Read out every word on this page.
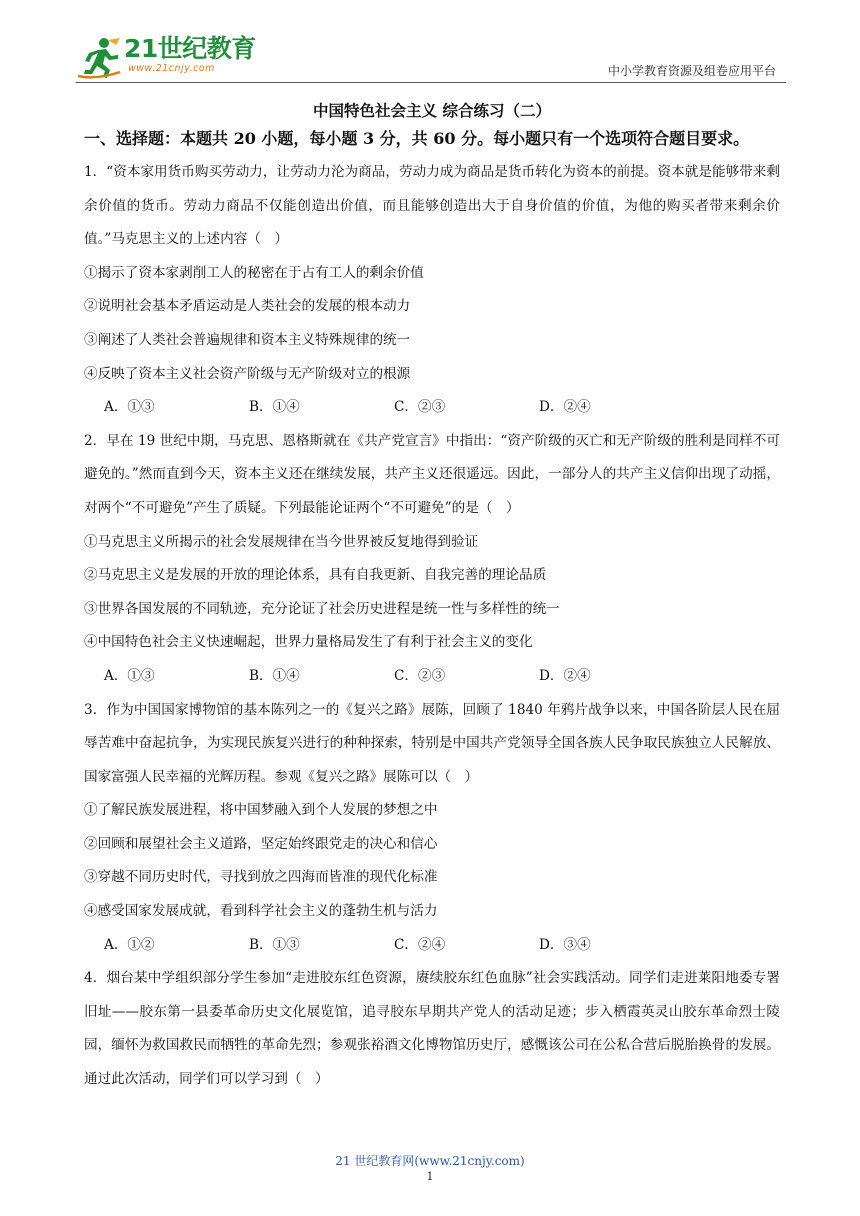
21世纪教育
www.21cnjy.com	中小学教育资源及组卷应用平台
中国特色社会主义 综合练习（二）
一、选择题：本题共 20 小题，每小题 3 分，共 60 分。每小题只有一个选项符合题目要求。
1．“资本家用货币购买劳动力，让劳动力沦为商品，劳动力成为商品是货币转化为资本的前提。资本就是能够带来剩余价值的货币。劳动力商品不仅能创造出价值，而且能够创造出大于自身价值的价值，为他的购买者带来剩余价值。”马克思主义的上述内容（　）
①揭示了资本家剥削工人的秘密在于占有工人的剩余价值
②说明社会基本矛盾运动是人类社会的发展的根本动力
③阐述了人类社会普遍规律和资本主义特殊规律的统一
④反映了资本主义社会资产阶级与无产阶级对立的根源
A．①③	B．①④	C．②③	D．②④
2．早在 19 世纪中期，马克思、恩格斯就在《共产党宣言》中指出：“资产阶级的灭亡和无产阶级的胜利是同样不可避免的。”然而直到今天，资本主义还在继续发展，共产主义还很遥远。因此，一部分人的共产主义信仰出现了动摇，对两个“不可避免”产生了质疑。下列最能论证两个“不可避免”的是（　）
①马克思主义所揭示的社会发展规律在当今世界被反复地得到验证
②马克思主义是发展的开放的理论体系，具有自我更新、自我完善的理论品质
③世界各国发展的不同轨迹，充分论证了社会历史进程是统一性与多样性的统一
④中国特色社会主义快速崛起，世界力量格局发生了有利于社会主义的变化
A．①③	B．①④	C．②③	D．②④
3．作为中国国家博物馆的基本陈列之一的《复兴之路》展陈，回顾了 1840 年鸦片战争以来，中国各阶层人民在屈辱苦难中奋起抗争，为实现民族复兴进行的种种探索，特别是中国共产党领导全国各族人民争取民族独立人民解放、国家富强人民幸福的光辉历程。参观《复兴之路》展陈可以（　）
①了解民族发展进程，将中国梦融入到个人发展的梦想之中
②回顾和展望社会主义道路，坚定始终跟党走的决心和信心
③穿越不同历史时代，寻找到放之四海而皆准的现代化标准
④感受国家发展成就，看到科学社会主义的蓬勃生机与活力
A．①②	B．①③	C．②④	D．③④
4．烟台某中学组织部分学生参加“走进胶东红色资源，赓续胶东红色血脉”社会实践活动。同学们走进莱阳地委专署旧址——胶东第一县委革命历史文化展览馆，追寻胶东早期共产党人的活动足迹；步入栖霞英灵山胶东革命烈士陵园，缅怀为救国救民而牺牲的革命先烈；参观张裕酒文化博物馆历史厅，感慨该公司在公私合营后脱胎换骨的发展。通过此次活动，同学们可以学习到（　）
21 世纪教育网(www.21cnjy.com)
1
